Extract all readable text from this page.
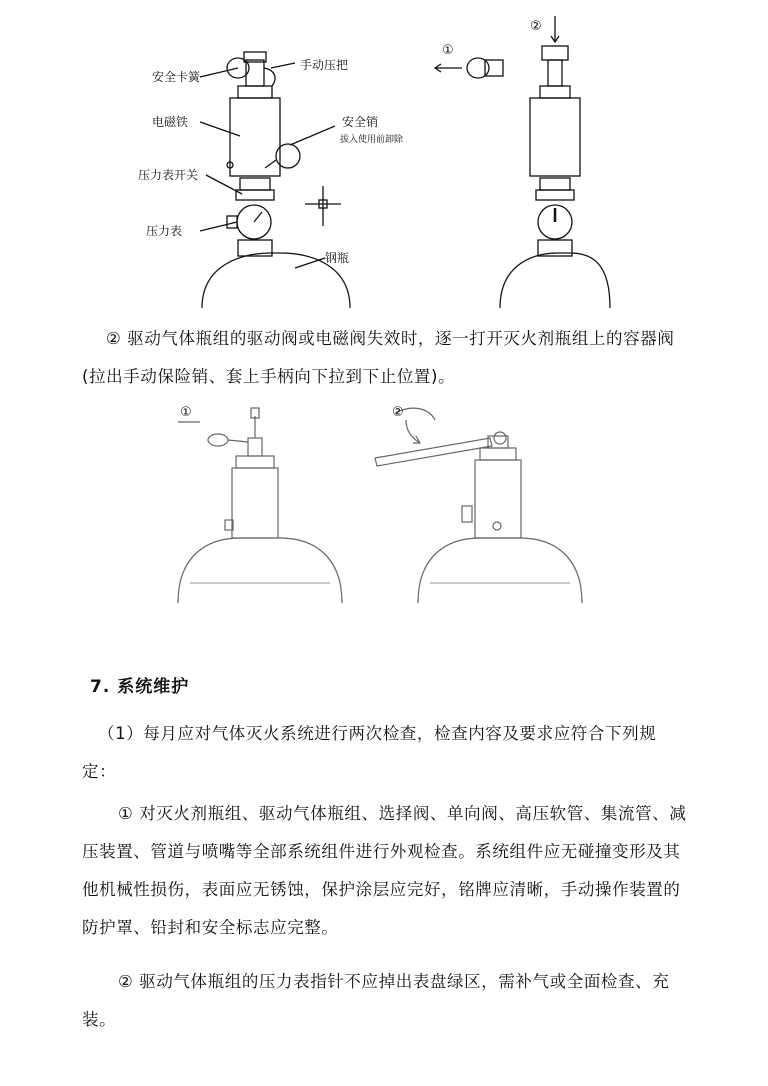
安全卡簧
电磁铁
压力表开关
压力表
手动压把
安全销
拔入使用前卸除
钢瓶
①
②

② 驱动气体瓶组的驱动阀或电磁阀失效时，逐一打开灭火剂瓶组上的容器阀(拉出手动保险销、套上手柄向下拉到下止位置)。

①	②
7. 系统维护

（1）每月应对气体灭火系统进行两次检查，检查内容及要求应符合下列规定：

① 对灭火剂瓶组、驱动气体瓶组、选择阀、单向阀、高压软管、集流管、减压装置、管道与喷嘴等全部系统组件进行外观检查。系统组件应无碰撞变形及其他机械性损伤，表面应无锈蚀，保护涂层应完好，铭牌应清晰，手动操作装置的防护罩、铅封和安全标志应完整。

② 驱动气体瓶组的压力表指针不应掉出表盘绿区，需补气或全面检查、充装。
